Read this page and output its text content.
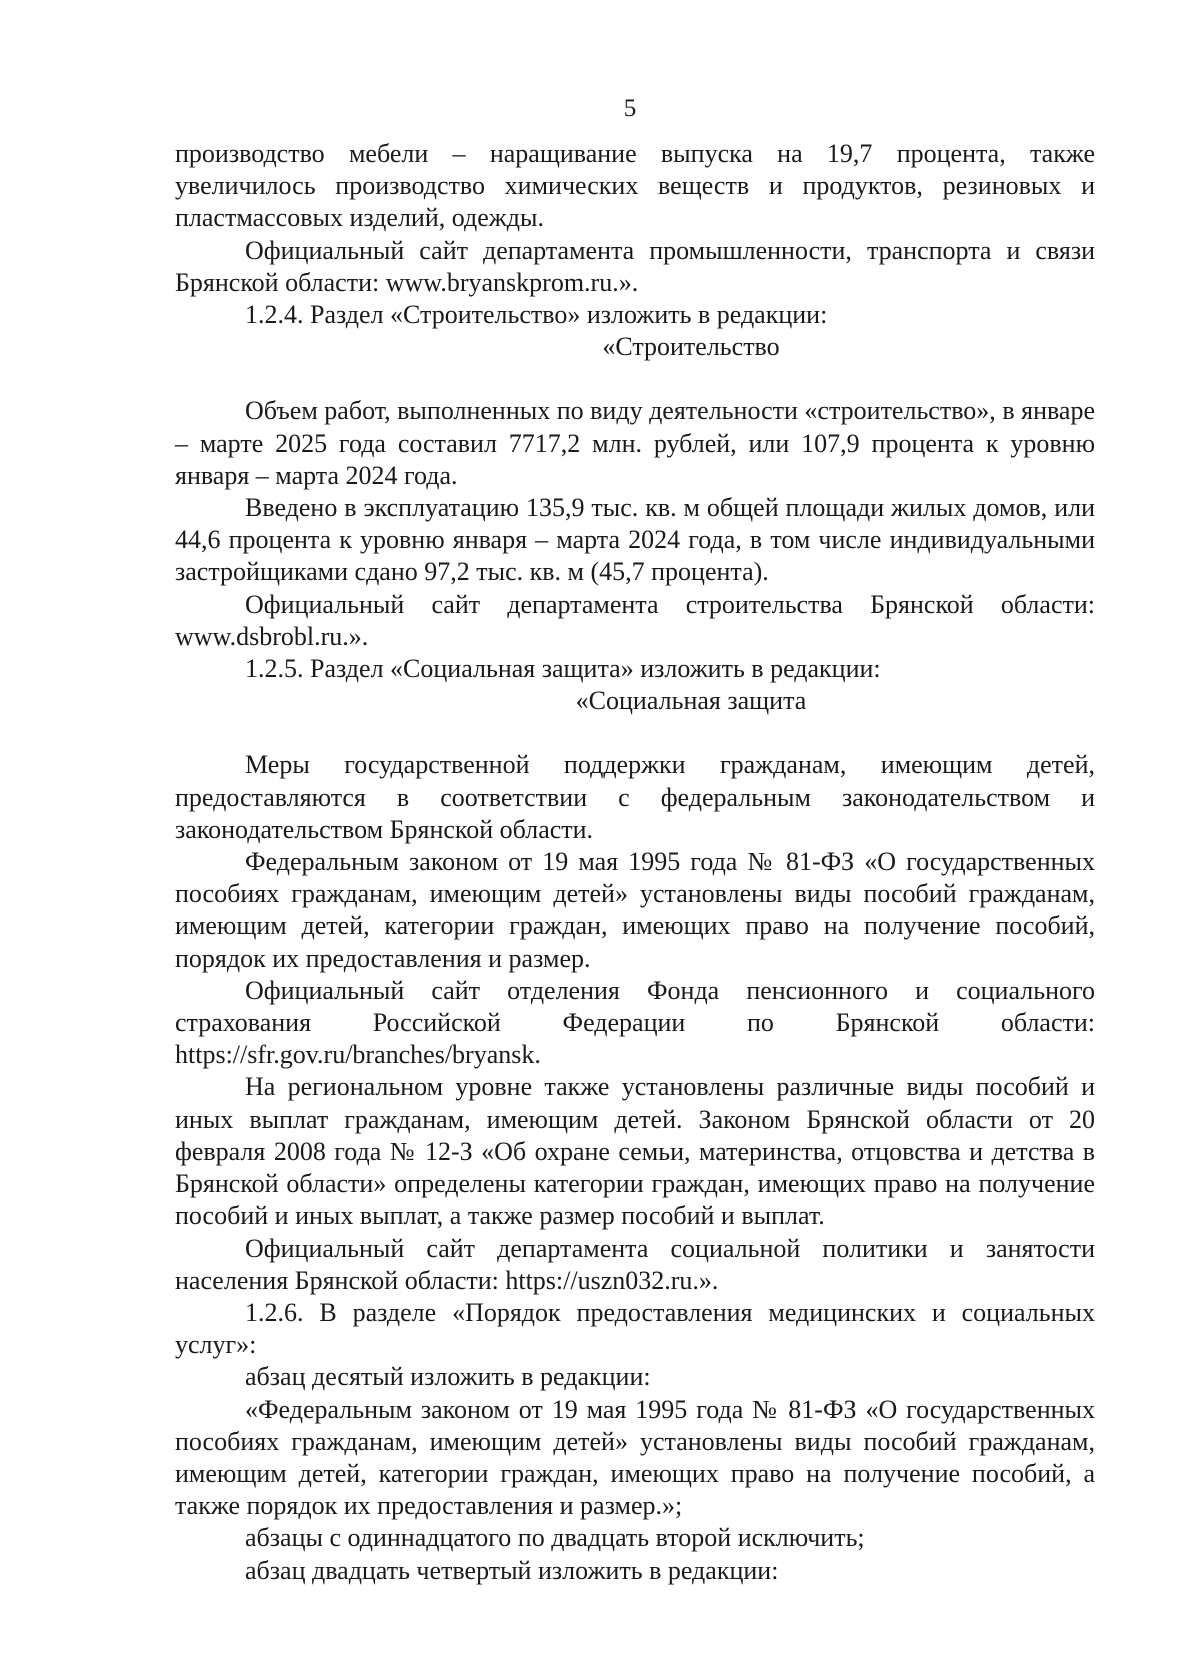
5

производство мебели – наращивание выпуска на 19,7 процента, также увеличилось производство химических веществ и продуктов, резиновых и пластмассовых изделий, одежды.

Официальный сайт департамента промышленности, транспорта и связи Брянской области: www.bryanskprom.ru.».

1.2.4. Раздел «Строительство» изложить в редакции:

«Строительство

Объем работ, выполненных по виду деятельности «строительство», в январе – марте 2025 года составил 7717,2 млн. рублей, или 107,9 процента к уровню января – марта 2024 года.

Введено в эксплуатацию 135,9 тыс. кв. м общей площади жилых домов, или 44,6 процента к уровню января – марта 2024 года, в том числе индивидуальными застройщиками сдано 97,2 тыс. кв. м (45,7 процента).

Официальный сайт департамента строительства Брянской области: www.dsbrobl.ru.».

1.2.5. Раздел «Социальная защита» изложить в редакции:

«Социальная защита

Меры государственной поддержки гражданам, имеющим детей, предоставляются в соответствии с федеральным законодательством и законодательством Брянской области.

Федеральным законом от 19 мая 1995 года № 81-ФЗ «О государственных пособиях гражданам, имеющим детей» установлены виды пособий гражданам, имеющим детей, категории граждан, имеющих право на получение пособий, порядок их предоставления и размер.

Официальный сайт отделения Фонда пенсионного и социального страхования Российской Федерации по Брянской области: https://sfr.gov.ru/branches/bryansk.

На региональном уровне также установлены различные виды пособий и иных выплат гражданам, имеющим детей. Законом Брянской области от 20 февраля 2008 года № 12-З «Об охране семьи, материнства, отцовства и детства в Брянской области» определены категории граждан, имеющих право на получение пособий и иных выплат, а также размер пособий и выплат.

Официальный сайт департамента социальной политики и занятости населения Брянской области: https://uszn032.ru.».

1.2.6. В разделе «Порядок предоставления медицинских и социальных услуг»:

абзац десятый изложить в редакции:

«Федеральным законом от 19 мая 1995 года № 81-ФЗ «О государственных пособиях гражданам, имеющим детей» установлены виды пособий гражданам, имеющим детей, категории граждан, имеющих право на получение пособий, а также порядок их предоставления и размер.»;

абзацы с одиннадцатого по двадцать второй исключить;

абзац двадцать четвертый изложить в редакции:
